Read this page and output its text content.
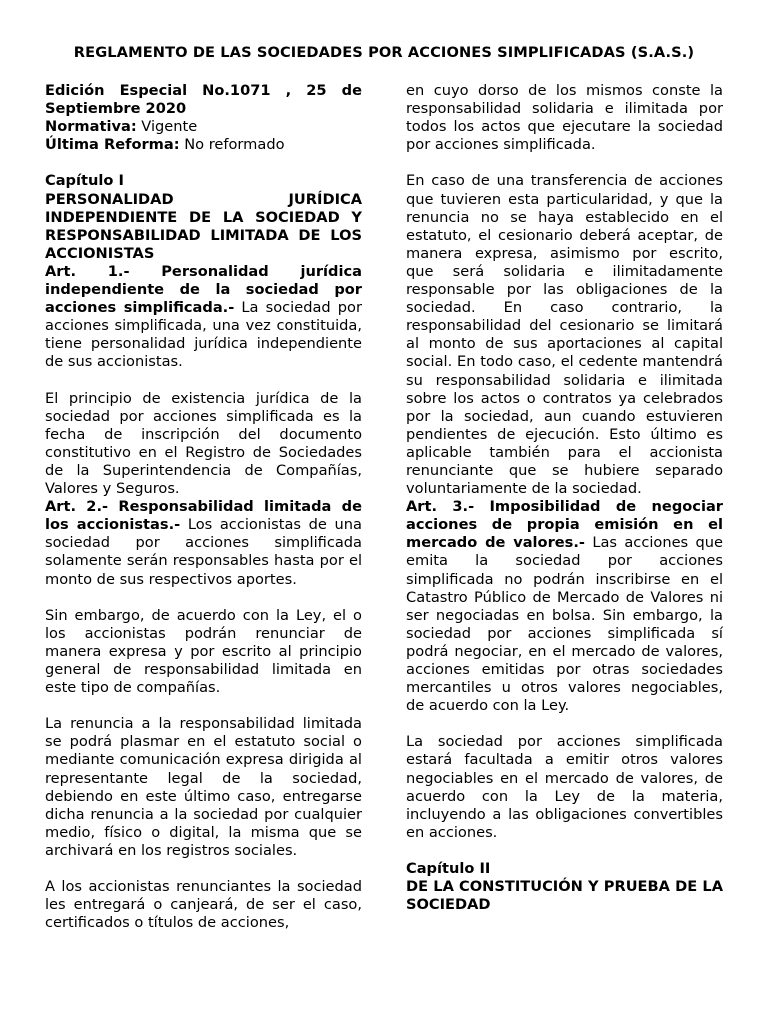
REGLAMENTO DE LAS SOCIEDADES POR ACCIONES SIMPLIFICADAS (S.A.S.)

Edición Especial No.1071 , 25 de Septiembre 2020

Normativa: Vigente

Última Reforma: No reformado

Capítulo I

PERSONALIDAD JURÍDICA INDEPENDIENTE DE LA SOCIEDAD Y RESPONSABILIDAD LIMITADA DE LOS ACCIONISTAS

Art. 1.- Personalidad jurídica independiente de la sociedad por acciones simplificada.- La sociedad por acciones simplificada, una vez constituida, tiene personalidad jurídica independiente de sus accionistas.

El principio de existencia jurídica de la sociedad por acciones simplificada es la fecha de inscripción del documento constitutivo en el Registro de Sociedades de la Superintendencia de Compañías, Valores y Seguros.

Art. 2.- Responsabilidad limitada de los accionistas.- Los accionistas de una sociedad por acciones simplificada solamente serán responsables hasta por el monto de sus respectivos aportes.

Sin embargo, de acuerdo con la Ley, el o los accionistas podrán renunciar de manera expresa y por escrito al principio general de responsabilidad limitada en este tipo de compañías.

La renuncia a la responsabilidad limitada se podrá plasmar en el estatuto social o mediante comunicación expresa dirigida al representante legal de la sociedad, debiendo en este último caso, entregarse dicha renuncia a la sociedad por cualquier medio, físico o digital, la misma que se archivará en los registros sociales.

A los accionistas renunciantes la sociedad les entregará o canjeará, de ser el caso, certificados o títulos de acciones,

en cuyo dorso de los mismos conste la responsabilidad solidaria e ilimitada por todos los actos que ejecutare la sociedad por acciones simplificada.

En caso de una transferencia de acciones que tuvieren esta particularidad, y que la renuncia no se haya establecido en el estatuto, el cesionario deberá aceptar, de manera expresa, asimismo por escrito, que será solidaria e ilimitadamente responsable por las obligaciones de la sociedad. En caso contrario, la responsabilidad del cesionario se limitará al monto de sus aportaciones al capital social. En todo caso, el cedente mantendrá su responsabilidad solidaria e ilimitada sobre los actos o contratos ya celebrados por la sociedad, aun cuando estuvieren pendientes de ejecución. Esto último es aplicable también para el accionista renunciante que se hubiere separado voluntariamente de la sociedad.

Art. 3.- Imposibilidad de negociar acciones de propia emisión en el mercado de valores.- Las acciones que emita la sociedad por acciones simplificada no podrán inscribirse en el Catastro Público de Mercado de Valores ni ser negociadas en bolsa. Sin embargo, la sociedad por acciones simplificada sí podrá negociar, en el mercado de valores, acciones emitidas por otras sociedades mercantiles u otros valores negociables, de acuerdo con la Ley.

La sociedad por acciones simplificada estará facultada a emitir otros valores negociables en el mercado de valores, de acuerdo con la Ley de la materia, incluyendo a las obligaciones convertibles en acciones.

Capítulo II

DE LA CONSTITUCIÓN Y PRUEBA DE LA SOCIEDAD
